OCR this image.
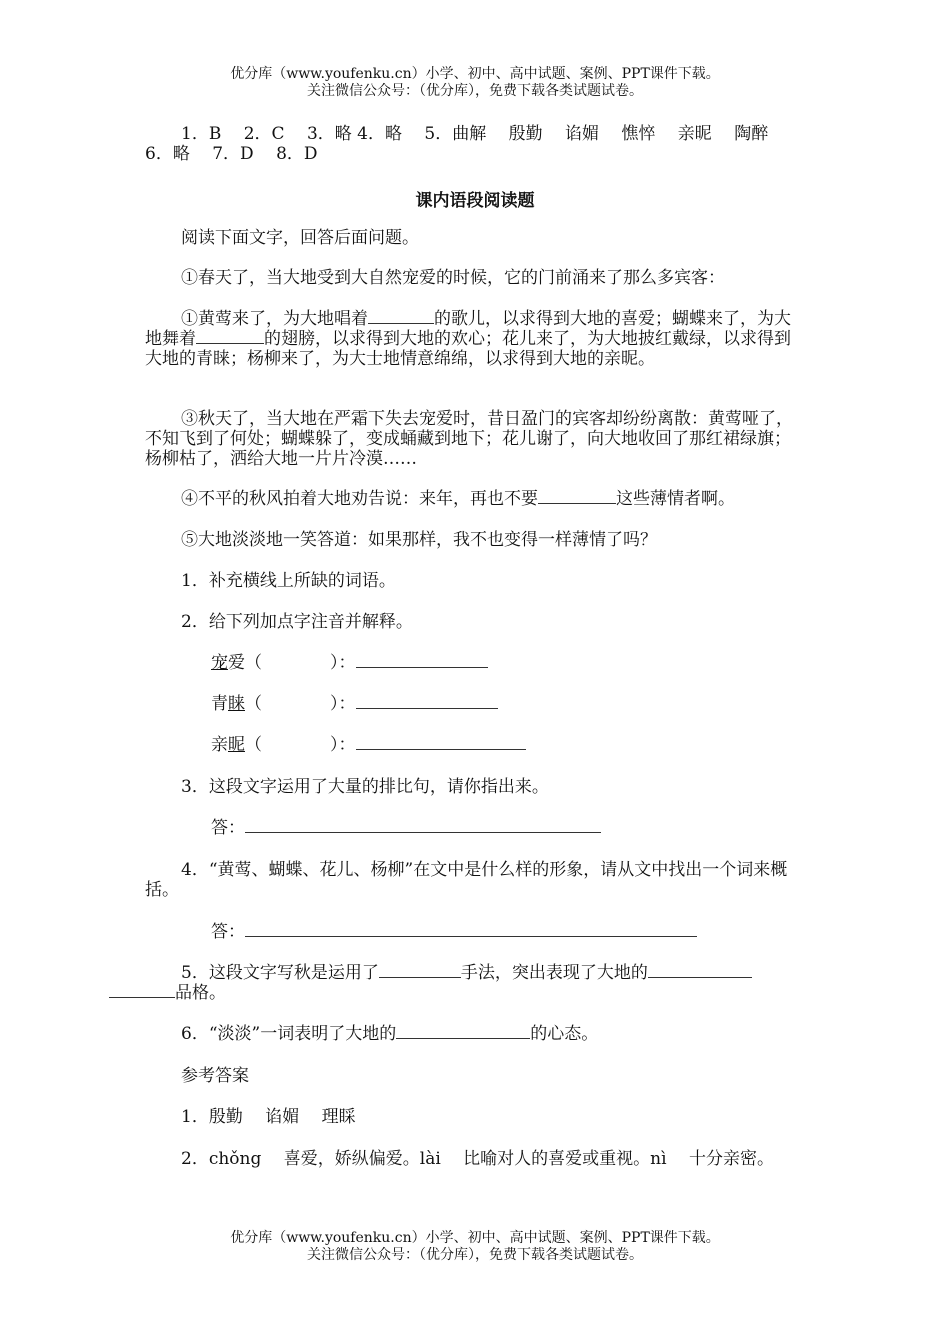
优分库（www.youfenku.cn）小学、初中、高中试题、案例、PPT课件下载。
关注微信公众号：（优分库），免费下载各类试题试卷。
1．B　 2．C　 3．略 4．略　 5．曲解　 殷勤　 谄媚　 憔悴　 亲昵　 陶醉　 6．略　 7．D　 8．D
课内语段阅读题
阅读下面文字，回答后面问题。
①春天了，当大地受到大自然宠爱的时候，它的门前涌来了那么多宾客：
①黄莺来了，为大地唱着	的歌儿，以求得到大地的喜爱；蝴蝶来了，为大地舞着	的翅膀，以求得到大地的欢心；花儿来了，为大地披红戴绿，以求得到大地的青睐；杨柳来了，为大士地情意绵绵，以求得到大地的亲昵。
③秋天了，当大地在严霜下失去宠爱时，昔日盈门的宾客却纷纷离散：黄莺哑了，不知飞到了何处；蝴蝶躲了，变成蛹藏到地下；花儿谢了，向大地收回了那红裙绿旗；杨柳枯了，洒给大地一片片冷漠……
④不平的秋风拍着大地劝告说：来年，再也不要	这些薄情者啊。
⑤大地淡淡地一笑答道：如果那样，我不也变得一样薄情了吗？
1．补充横线上所缺的词语。
2．给下列加点字注音并解释。
宠爱（　　　　）：
青睐（　　　　）：
亲昵（　　　　）：
3．这段文字运用了大量的排比句，请你指出来。
答：
4．“黄莺、蝴蝶、花儿、杨柳”在文中是什么样的形象，请从文中找出一个词来概括。
答：
5．这段文字写秋是运用了	手法，突出表现了大地的
品格。
6．“淡淡”一词表明了大地的	的心态。
参考答案
1．殷勤　 谄媚　 理睬
2．chǒng　 喜爱，娇纵偏爱。lài　 比喻对人的喜爱或重视。nì　 十分亲密。
优分库（www.youfenku.cn）小学、初中、高中试题、案例、PPT课件下载。
关注微信公众号：（优分库），免费下载各类试题试卷。
